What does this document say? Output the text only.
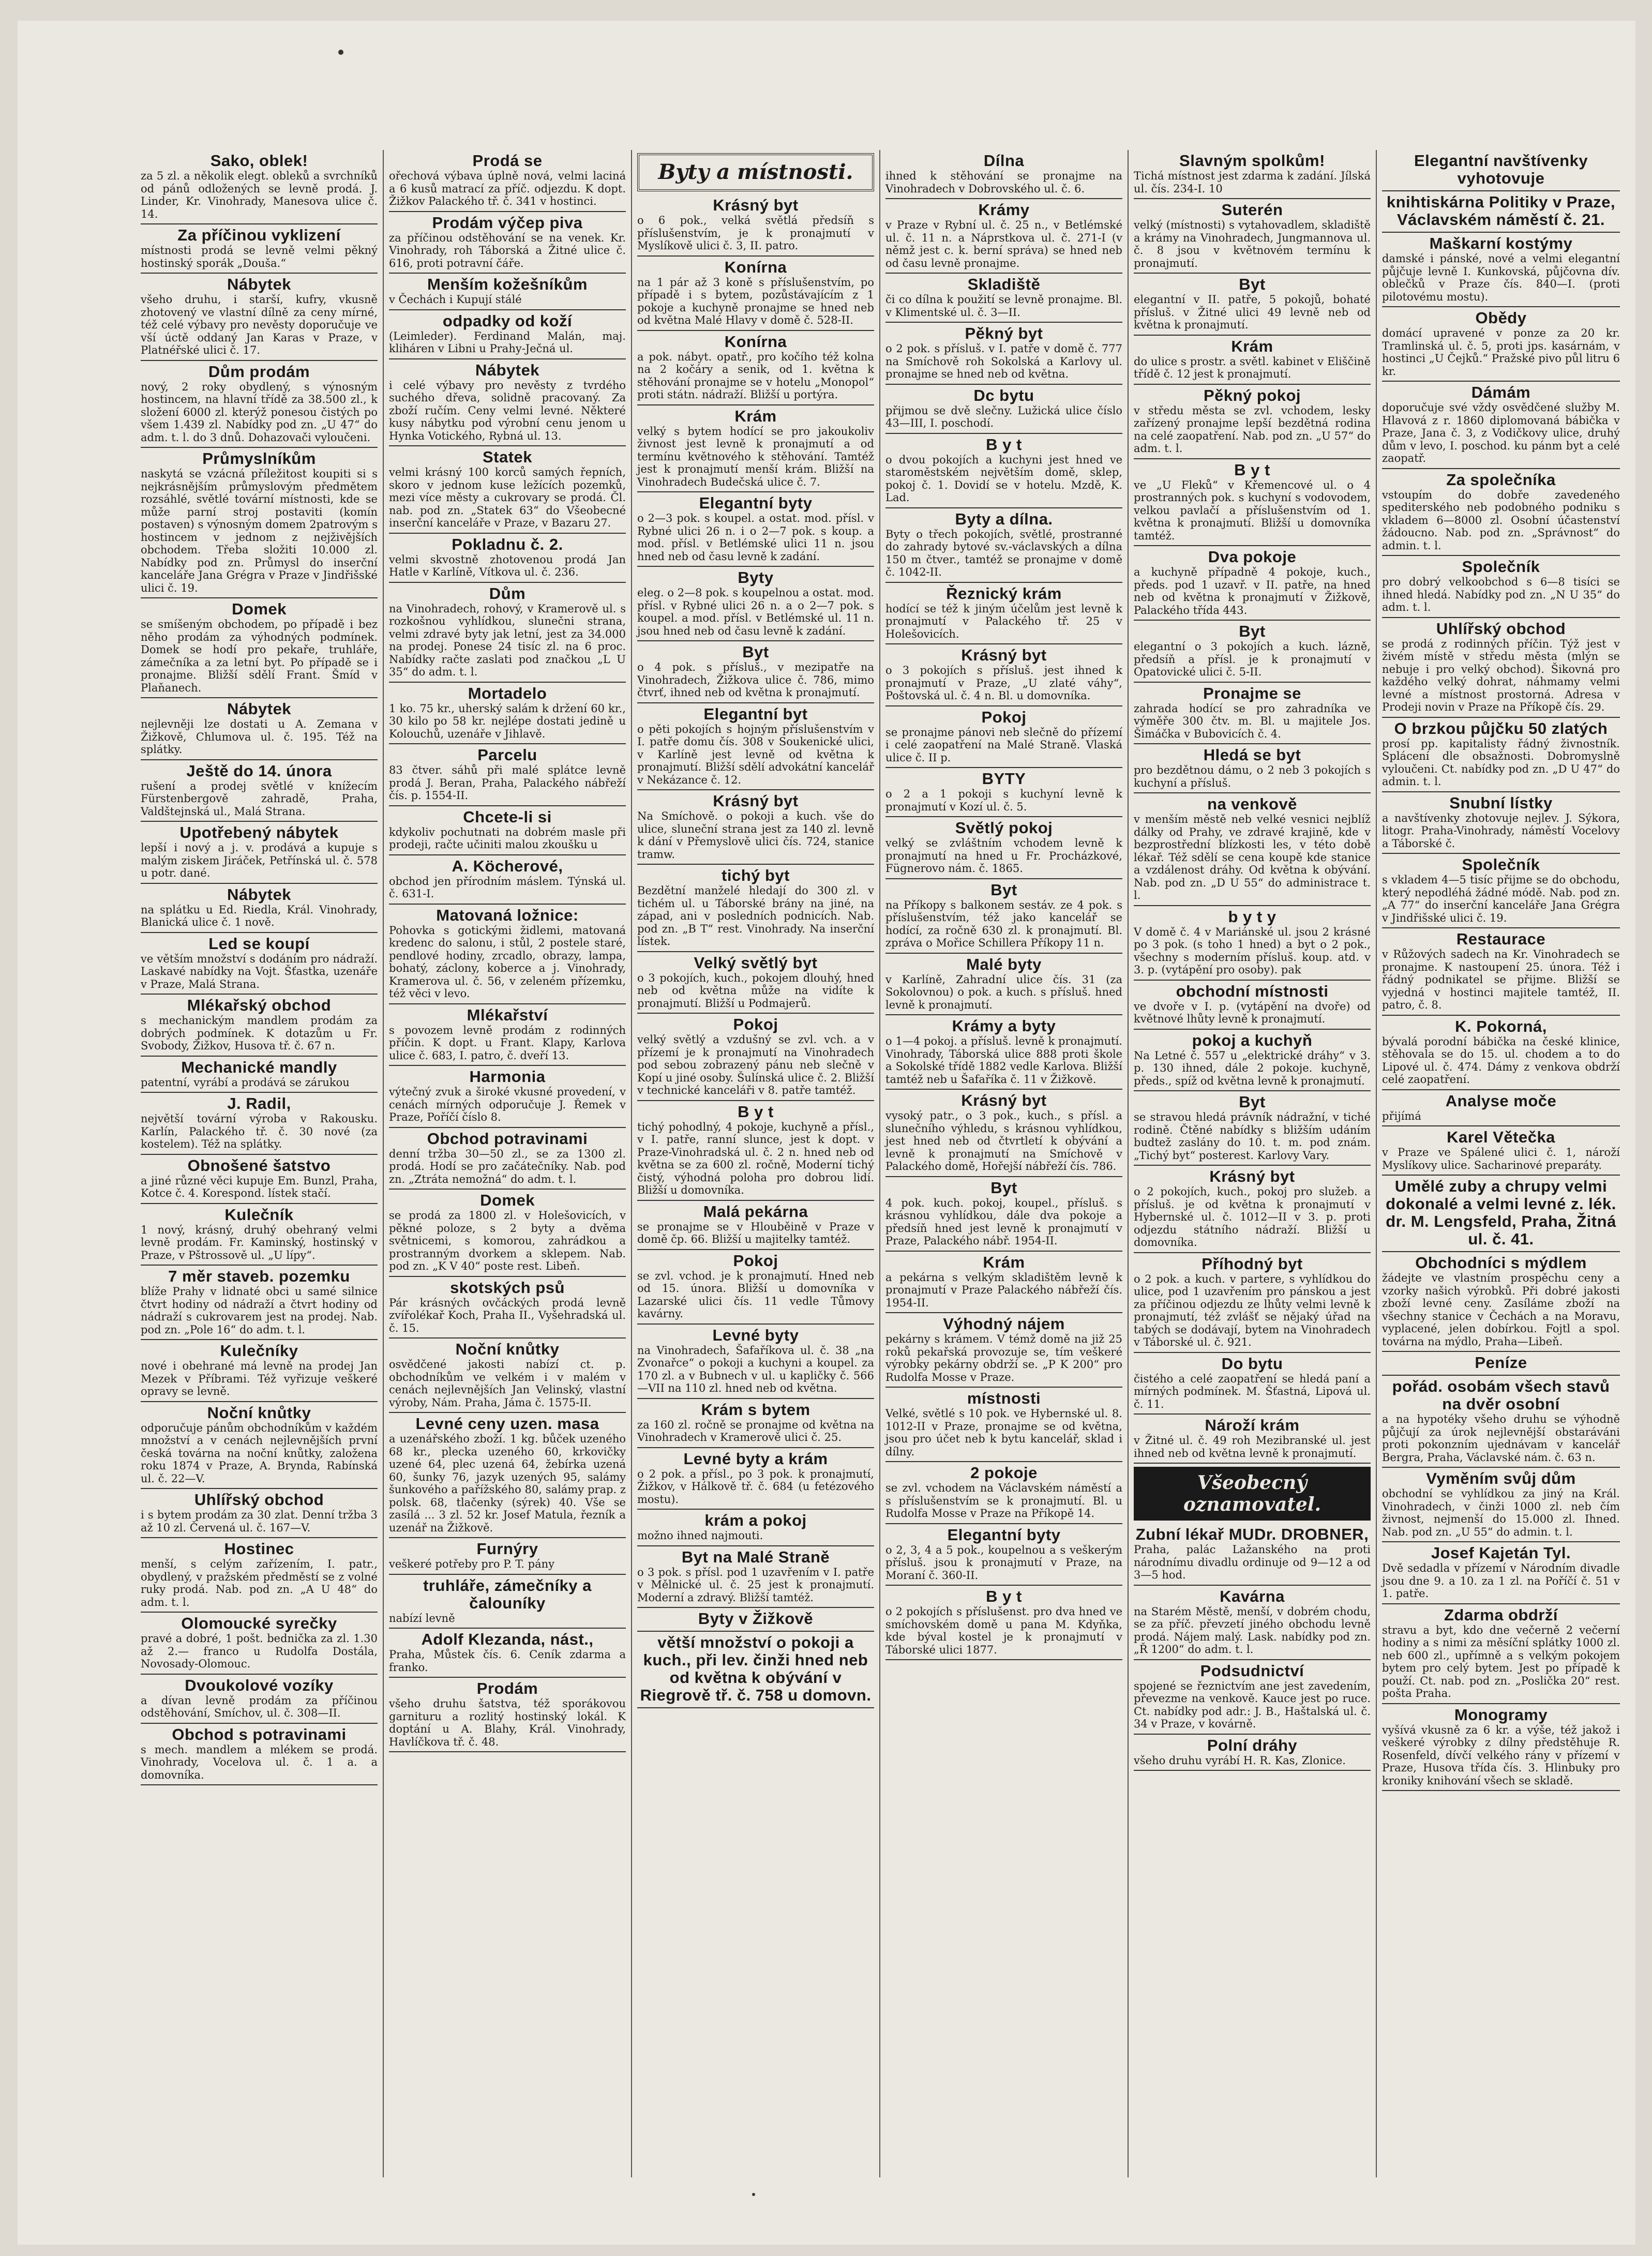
Sako, oblek!

za 5 zl. a několik elegt. obleků a svrchníků od pánů odložených se levně prodá. J. Linder, Kr. Vinohrady, Manesova ulice č. 14.

Za příčinou vyklizení

místnosti prodá se levně velmi pěkný hostinský sporák „Douša.“

Nábytek

všeho druhu, i starší, kufry, vkusně zhotovený ve vlastní dílně za ceny mírné, též celé výbavy pro nevěsty doporučuje ve vší úctě oddaný Jan Karas v Praze, v Platnéřské ulici č. 17.

Dům prodám

nový, 2 roky obydlený, s výnosným hostincem, na hlavní třídě za 38.500 zl., k složení 6000 zl. kterýž ponesou čistých po všem 1.439 zl. Nabídky pod zn. „U 47“ do adm. t. l. do 3 dnů. Dohazovači vyloučeni.

Průmyslníkům

naskytá se vzácná příležitost koupiti si s nejkrásnějším průmyslovým předmětem rozsáhlé, světlé tovární místnosti, kde se může parní stroj postaviti (komín postaven) s výnosným domem 2patrovým s hostincem v jednom z nejživějších obchodem. Třeba složiti 10.000 zl. Nabídky pod zn. Průmysl do inserční kanceláře Jana Grégra v Praze v Jindřišské ulici č. 19.

Domek

se smíšeným obchodem, po případě i bez něho prodám za výhodných podmínek. Domek se hodí pro pekaře, truhláře, zámečníka a za letní byt. Po případě se i pronajme. Bližší sdělí Frant. Šmíd v Plaňanech.

Nábytek

nejlevněji lze dostati u A. Zemana v Žižkově, Chlumova ul. č. 195. Též na splátky.

Ještě do 14. února

rušení a prodej světlé v knížecím Fürstenbergově zahradě, Praha, Valdštejnská ul., Malá Strana.

Upotřebený nábytek

lepší i nový a j. v. prodává a kupuje s malým ziskem Jiráček, Petřínská ul. č. 578 u potr. dané.

Nábytek

na splátku u Ed. Riedla, Král. Vinohrady, Blanická ulice č. 1 nově.

Led se koupí

ve větším množství s dodáním pro nádraží. Laskavé nabídky na Vojt. Šťastka, uzenáře v Praze, Malá Strana.

Mlékařský obchod

s mechanickým mandlem prodám za dobrých podmínek. K dotazům u Fr. Svobody, Žižkov, Husova tř. č. 67 n.

Mechanické mandly

patentní, vyrábí a prodává se zárukou

J. Radil,

největší tovární výroba v Rakousku. Karlín, Palackého tř. č. 30 nové (za kostelem). Též na splátky.

Obnošené šatstvo

a jiné různé věci kupuje Em. Bunzl, Praha, Kotce č. 4. Korespond. lístek stačí.

Kulečník

1 nový, krásný, druhý obehraný velmi levně prodám. Fr. Kaminský, hostinský v Praze, v Pštrossově ul. „U lípy“.

7 měr staveb. pozemku

blíže Prahy v lidnaté obci u samé silnice čtvrt hodiny od nádraží a čtvrt hodiny od nádraží s cukrovarem jest na prodej. Nab. pod zn. „Pole 16“ do adm. t. l.

Kulečníky

nové i obehrané má levně na prodej Jan Mezek v Příbrami. Též vyřizuje veškeré opravy se levně.

Noční knůtky

odporučuje pánům obchodníkům v každém množství a v cenách nejlevnějších první česká továrna na noční knůtky, založena roku 1874 v Praze, A. Brynda, Rabínská ul. č. 22—V.

Uhlířský obchod

i s bytem prodám za 30 zlat. Denní tržba 3 až 10 zl. Červená ul. č. 167—V.

Hostinec

menší, s celým zařízením, I. patr., obydlený, v pražském předměstí se z volné ruky prodá. Nab. pod zn. „A U 48“ do adm. t. l.

Olomoucké syrečky

pravé a dobré, 1 pošt. bednička za zl. 1.30 až 2.— franco u Rudolfa Dostála, Novosady-Olomouc.

Dvoukolové vozíky

a dívan levně prodám za příčinou odstěhování, Smíchov, ul. č. 308—II.

Obchod s potravinami

s mech. mandlem a mlékem se prodá. Vinohrady, Vocelova ul. č. 1 a. a domovníka.

Prodá se

ořechová výbava úplně nová, velmi laciná a 6 kusů matrací za příč. odjezdu. K dopt. Žižkov Palackého tř. č. 341 v hostinci.

Prodám výčep piva

za příčinou odstěhování se na venek. Kr. Vinohrady, roh Táborská a Žitné ulice č. 616, proti potravní čáře.

Menším kožešníkům

v Čechách i Kupují stálé

odpadky od koží

(Leimleder). Ferdinand Malán, maj. kliháren v Libni u Prahy-Ječná ul.

Nábytek

i celé výbavy pro nevěsty z tvrdého suchého dřeva, solidně pracovaný. Za zboží ručím. Ceny velmi levné. Některé kusy nábytku pod výrobní cenu jenom u Hynka Votického, Rybná ul. 13.

Statek

velmi krásný 100 korců samých řepních, skoro v jednom kuse ležících pozemků, mezi více městy a cukrovary se prodá. Čl. nab. pod zn. „Statek 63“ do Všeobecné inserční kanceláře v Praze, v Bazaru 27.

Pokladnu č. 2.

velmi skvostně zhotovenou prodá Jan Hatle v Karlíně, Vítkova ul. č. 236.

Dům

na Vinohradech, rohový, v Kramerově ul. s rozkošnou vyhlídkou, slunečni strana, velmi zdravé byty jak letní, jest za 34.000 na prodej. Ponese 24 tisíc zl. na 6 proc. Nabídky račte zaslati pod značkou „L U 35“ do adm. t. l.

Mortadelo

1 ko. 75 kr., uherský salám k držení 60 kr., 30 kilo po 58 kr. nejlépe dostati jedině u Kolouchů, uzenáře v Jihlavě.

Parcelu

83 čtver. sáhů při malé splátce levně prodá J. Beran, Praha, Palackého nábřeží čís. p. 1554-II.

Chcete-li si

kdykoliv pochutnati na dobrém masle při prodeji, račte učiniti malou zkoušku u

A. Köcherové,

obchod jen přírodním máslem. Týnská ul. č. 631-I.

Matovaná ložnice:

Pohovka s gotickými židlemi, matovaná kredenc do salonu, i stůl, 2 postele staré, pendlové hodiny, zrcadlo, obrazy, lampa, bohatý, záclony, koberce a j. Vinohrady, Kramerova ul. č. 56, v zeleném přízemku, též věci v levo.

Mlékařství

s povozem levně prodám z rodinných příčin. K dopt. u Frant. Klapy, Karlova ulice č. 683, I. patro, č. dveří 13.

Harmonia

výtečný zvuk a široké vkusné provedení, v cenách mírných odporučuje J. Řemek v Praze, Poříčí číslo 8.

Obchod potravinami

denní tržba 30—50 zl., se za 1300 zl. prodá. Hodí se pro začátečníky. Nab. pod zn. „Ztráta nemožná“ do adm. t. l.

Domek

se prodá za 1800 zl. v Holešovicích, v pěkné poloze, s 2 byty a dvěma světnicemi, s komorou, zahrádkou a prostranným dvorkem a sklepem. Nab. pod zn. „K V 40“ poste rest. Libeň.

skotských psů

Pár krásných ovčáckých prodá levně zvířolékař Koch, Praha II., Vyšehradská ul. č. 15.

Noční knůtky

osvědčené jakosti nabízí ct. p. obchodníkům ve velkém i v malém v cenách nejlevnějších Jan Velinský, vlastní výroby, Nám. Praha, Jáma č. 1575-II.

Levné ceny uzen. masa

a uzenářského zboží. 1 kg. bůček uzeného 68 kr., plecka uzeného 60, krkovičky uzené 64, plec uzená 64, žebírka uzená 60, šunky 76, jazyk uzených 95, salámy šunkového a pařížského 80, salámy prap. z polsk. 68, tlačenky (sýrek) 40. Vše se zasílá ... 3 zl. 52 kr. Josef Matula, řezník a uzenář na Žižkově.

Furnýry

veškeré potřeby pro P. T. pány

truhláře, zámečníky a čalouníky

nabízí levně

Adolf Klezanda, nást.,

Praha, Můstek čís. 6. Ceník zdarma a franko.

Prodám

všeho druhu šatstva, též sporákovou garnituru a rozlitý hostinský lokál. K doptání u A. Blahy, Král. Vinohrady, Havlíčkova tř. č. 48.

Byty a místnosti.
Krásný byt

o 6 pok., velká světlá předsíň s příslušenstvím, je k pronajmutí v Myslíkově ulici č. 3, II. patro.

Konírna

na 1 pár až 3 koně s příslušenstvím, po případě i s bytem, pozůstávajícím z 1 pokoje a kuchyně pronajme se hned neb od května Malé Hlavy v domě č. 528-II.

Konírna

a pok. nábyt. opatř., pro kočího též kolna na 2 kočáry a senik, od 1. května k stěhování pronajme se v hotelu „Monopol“ proti státn. nádraží. Bližší u portýra.

Krám

velký s bytem hodící se pro jakoukoliv živnost jest levně k pronajmutí a od termínu květnového k stěhování. Tamtéž jest k pronajmutí menší krám. Bližší na Vinohradech Budečská ulice č. 7.

Elegantní byty

o 2—3 pok. s koupel. a ostat. mod. přísl. v Rybné ulici 26 n. i o 2—7 pok. s koup. a mod. přísl. v Betlémské ulici 11 n. jsou hned neb od času levně k zadání.

Byty

eleg. o 2—8 pok. s koupelnou a ostat. mod. přísl. v Rybné ulici 26 n. a o 2—7 pok. s koupel. a mod. přísl. v Betlémské ul. 11 n. jsou hned neb od času levně k zadání.

Byt

o 4 pok. s přísluš., v mezipatře na Vinohradech, Žižkova ulice č. 786, mimo čtvrť, ihned neb od května k pronajmutí.

Elegantní byt

o pěti pokojích s hojným příslušenstvím v I. patře domu čís. 308 v Soukenické ulici, v Karlíně jest levně od května k pronajmutí. Bližší sdělí advokátní kancelář v Nekázance č. 12.

Krásný byt

Na Smíchově. o pokoji a kuch. vše do ulice, sluneční strana jest za 140 zl. levně k dání v Přemyslově ulici čís. 724, stanice tramw.

tichý byt

Bezdětní manželé hledají do 300 zl. v tichém ul. u Táborské brány na jiné, na západ, ani v posledních podnicích. Nab. pod zn. „B T“ rest. Vinohrady. Na inserční lístek.

Velký světlý byt

o 3 pokojích, kuch., pokojem dlouhý, hned neb od května může na vidíte k pronajmutí. Bližší u Podmajerů.

Pokoj

velký světlý a vzdušný se zvl. vch. a v přízemí je k pronajmutí na Vinohradech pod sebou zobrazený pánu neb slečně v Kopí u jiné osoby. Šulínská ulice č. 2. Bližší v technické kanceláři v 8. patře tamtéž.

B y t

tichý pohodlný, 4 pokoje, kuchyně a přísl., v I. patře, ranní slunce, jest k dopt. v Praze-Vinohradská ul. č. 2 n. hned neb od května se za 600 zl. ročně, Moderní tichý čistý, výhodná poloha pro dobrou lidí. Bližší u domovníka.

Malá pekárna

se pronajme se v Hlouběině v Praze v domě čp. 66. Bližší u majitelky tamtéž.

Pokoj

se zvl. vchod. je k pronajmutí. Hned neb od 15. února. Bližší u domovníka v Lazarské ulici čís. 11 vedle Tůmovy kavárny.

Levné byty

na Vinohradech, Šafaříkova ul. č. 38 „na Zvonařce“ o pokoji a kuchyni a koupel. za 170 zl. a v Bubnech v ul. u kapličky č. 566—VII na 110 zl. hned neb od května.

Krám s bytem

za 160 zl. ročně se pronajme od května na Vinohradech v Kramerově ulici č. 25.

Levné byty a krám

o 2 pok. a přísl., po 3 pok. k pronajmutí, Žižkov, v Hálkově tř. č. 684 (u fetézového mostu).

krám a pokoj

možno ihned najmouti.

Byt na Malé Straně

o 3 pok. s přísl. pod 1 uzavřením v I. patře v Mělnické ul. č. 25 jest k pronajmutí. Moderní a zdravý. Bližší tamtéž.

Byty v Žižkově
větší množství o pokoji a kuch., při lev. činži hned neb od května k obývání v Riegrově tř. č. 758 u domovn.
Dílna

ihned k stěhování se pronajme na Vinohradech v Dobrovského ul. č. 6.

Krámy

v Praze v Rybní ul. č. 25 n., v Betlémské ul. č. 11 n. a Náprstkova ul. č. 271-I (v němž jest c. k. berní správa) se hned neb od času levně pronajme.

Skladiště

či co dílna k použití se levně pronajme. Bl. v Klimentské ul. č. 3—II.

Pěkný byt

o 2 pok. s přísluš. v I. patře v domě č. 777 na Smíchově roh Sokolská a Karlovy ul. pronajme se hned neb od května.

Dc bytu

přijmou se dvě slečny. Lužická ulice číslo 43—III, I. poschodí.

B y t

o dvou pokojích a kuchyni jest hned ve staroměstském největším domě, sklep, pokoj č. 1. Dovidí se v hotelu. Mzdě, K. Lad.

Byty a dílna.

Byty o třech pokojích, světlé, prostranné do zahrady bytové sv.-václavských a dílna 150 m čtver., tamtéž se pronajme v domě č. 1042-II.

Řeznický krám

hodící se též k jiným účelům jest levně k pronajmutí v Palackého tř. 25 v Holešovicích.

Krásný byt

o 3 pokojích s přísluš. jest ihned k pronajmutí v Praze, „U zlaté váhy“, Poštovská ul. č. 4 n. Bl. u domovníka.

Pokoj

se pronajme pánovi neb slečně do přízemí i celé zaopatření na Malé Straně. Vlaská ulice č. II p.

BYTY

o 2 a 1 pokoji s kuchyní levně k pronajmutí v Kozí ul. č. 5.

Světlý pokoj

velký se zvláštním vchodem levně k pronajmutí na hned u Fr. Procházkové, Fügnerovo nám. č. 1865.

Byt

na Příkopy s balkonem sestáv. ze 4 pok. s příslušenstvím, též jako kancelář se hodící, za ročně 630 zl. k pronajmutí. Bl. zpráva o Mořice Schillera Příkopy 11 n.

Malé byty

v Karlíně, Zahradní ulice čís. 31 (za Sokolovnou) o pok. a kuch. s přísluš. hned levně k pronajmutí.

Krámy a byty

o 1—4 pokoj. a přísluš. levně k pronajmutí. Vinohrady, Táborská ulice 888 proti škole a Sokolské třídě 1882 vedle Karlova. Bližší tamtéž neb u Šafaříka č. 11 v Žižkově.

Krásný byt

vysoký patr., o 3 pok., kuch., s přísl. a slunečního výhledu, s krásnou vyhlídkou, jest hned neb od čtvrtletí k obývání a levně k pronajmutí na Smíchově v Palackého domě, Hořejší nábřeží čís. 786.

Byt

4 pok. kuch. pokoj, koupel., přísluš. s krásnou vyhlídkou, dále dva pokoje a předsíň hned jest levně k pronajmutí v Praze, Palackého nábř. 1954-II.

Krám

a pekárna s velkým skladištěm levně k pronajmutí v Praze Palackého nábřeží čís. 1954-II.

Výhodný nájem

pekárny s krámem. V témž domě na již 25 roků pekařská provozuje se, tím veškeré výrobky pekárny obdrží se. „P K 200“ pro Rudolfa Mosse v Praze.

místnosti

Velké, světlé s 10 pok. ve Hybernské ul. 8. 1012-II v Praze, pronajme se od května, jsou pro účet neb k bytu kancelář, sklad i dílny.

2 pokoje

se zvl. vchodem na Václavském náměstí a s příslušenstvím se k pronajmutí. Bl. u Rudolfa Mosse v Praze na Příkopě 14.

Elegantní byty

o 2, 3, 4 a 5 pok., koupelnou a s veškerým přísluš. jsou k pronajmutí v Praze, na Moraní č. 360-II.

B y t

o 2 pokojích s příslušenst. pro dva hned ve smíchovském domě u pana M. Kdyňka, kde býval kostel je k pronajmutí v Táborské ulici 1877.

Slavným spolkům!

Tichá místnost jest zdarma k zadání. Jílská ul. čís. 234-I. 10

Suterén

velký (místnosti) s vytahovadlem, skladiště a krámy na Vinohradech, Jungmannova ul. č. 8 jsou v květnovém termínu k pronajmutí.

Byt

elegantní v II. patře, 5 pokojů, bohaté přísluš. v Žitné ulici 49 levně neb od května k pronajmutí.

Krám

do ulice s prostr. a světl. kabinet v Eliščině třídě č. 12 jest k pronajmutí.

Pěkný pokoj

v středu města se zvl. vchodem, lesky zařízený pronajme lepší bezdětná rodina na celé zaopatření. Nab. pod zn. „U 57“ do adm. t. l.

B y t

ve „U Fleků“ v Křemencové ul. o 4 prostranných pok. s kuchyní s vodovodem, velkou pavlačí a příslušenstvím od 1. května k pronajmutí. Bližší u domovníka tamtéž.

Dva pokoje

a kuchyně případně 4 pokoje, kuch., předs. pod 1 uzavř. v II. patře, na hned neb od května k pronajmutí v Žižkově, Palackého třída 443.

Byt

elegantní o 3 pokojích a kuch. lázně, předsíň a přísl. je k pronajmutí v Opatovické ulici č. 5-II.

Pronajme se

zahrada hodící se pro zahradníka ve výměře 300 čtv. m. Bl. u majitele Jos. Šimáčka v Bubovicích č. 4.

Hledá se byt

pro bezdětnou dámu, o 2 neb 3 pokojích s kuchyní a přísluš.

na venkově

v menším městě neb velké vesnici nejblíž dálky od Prahy, ve zdravé krajině, kde v bezprostřední blízkosti les, v této době lékař. Též sdělí se cena koupě kde stanice a vzdálenost dráhy. Od května k obývání. Nab. pod zn. „D U 55“ do administrace t. l.

b y t y

V domě č. 4 v Mariánské ul. jsou 2 krásné po 3 pok. (s toho 1 hned) a byt o 2 pok., všechny s moderním přísluš. koup. atd. v 3. p. (vytápění pro osoby). pak

obchodní místnosti

ve dvoře v I. p. (vytápění na dvoře) od květnové lhůty levně k pronajmutí.

pokoj a kuchyň

Na Letné č. 557 u „elektrické dráhy“ v 3. p. 130 ihned, dále 2 pokoje. kuchyně, předs., spíž od května levně k pronajmutí.

Byt

se stravou hledá právník nádražní, v tiché rodině. Čtěné nabídky s bližším udáním budtež zaslány do 10. t. m. pod znám. „Tichý byt“ posterest. Karlovy Vary.

Krásný byt

o 2 pokojích, kuch., pokoj pro služeb. a přísluš. je od května k pronajmutí v Hybernské ul. č. 1012—II v 3. p. proti odjezdu státního nádraží. Bližší u domovníka.

Příhodný byt

o 2 pok. a kuch. v partere, s vyhlídkou do ulice, pod 1 uzavřením pro pánskou a jest za příčinou odjezdu ze lhůty velmi levně k pronajmutí, též zvlášť se nějaký úřad na tabých se dodávají, bytem na Vinohradech v Táborské ul. č. 921.

Do bytu

čistého a celé zaopatření se hledá paní a mírných podmínek. M. Šťastná, Lipová ul. č. 11.

Nároží krám

v Žitné ul. č. 49 roh Mezibranské ul. jest ihned neb od května levně k pronajmutí.

Všeobecný oznamovatel.
Zubní lékař MUDr. DROBNER,

Praha, palác Lažanského na proti národnímu divadlu ordinuje od 9—12 a od 3—5 hod.

Kavárna

na Starém Městě, menší, v dobrém chodu, se za příč. převzetí jiného obchodu levně prodá. Nájem malý. Lask. nabídky pod zn. „Ř 1200“ do adm. t. l.

Podsudnictví

spojené se řeznictvím ane jest zavedením, převezme na venkově. Kauce jest po ruce. Ct. nabídky pod adr.: J. B., Haštalská ul. č. 34 v Praze, v kovárně.

Polní dráhy

všeho druhu vyrábí H. R. Kas, Zlonice.

Elegantní navštívenky vyhotovuje
knihtiskárna Politiky v Praze, Václavském náměstí č. 21.
Maškarní kostýmy

damské i pánské, nové a velmi elegantní půjčuje levně I. Kunkovská, půjčovna dív. oblečků v Praze čís. 840—I. (proti pilotovému mostu).

Obědy

domácí upravené v ponze za 20 kr. Tramlinská ul. č. 5, proti jps. kasárnám, v hostinci „U Čejků.“ Pražské pivo půl litru 6 kr.

Dámám

doporučuje své vždy osvědčené služby M. Hlavová z r. 1860 diplomovaná bábička v Praze, Jana č. 3, z Vodičkovy ulice, druhý dům v levo, I. poschod. ku pánm byt a celé zaopatř.

Za společníka

vstoupím do dobře zavedeného spediterského neb podobného podniku s vkladem 6—8000 zl. Osobní účastenství žádoucno. Nab. pod zn. „Správnost“ do admin. t. l.

Společník

pro dobrý velkoobchod s 6—8 tisíci se ihned hledá. Nabídky pod zn. „N U 35“ do adm. t. l.

Uhlířský obchod

se prodá z rodinných příčin. Týž jest v živém místě v středu města (mlýn se nebuje i pro velký obchod). Šikovná pro každého velký dohrat, náhmamy velmi levné a místnost prostorná. Adresa v Prodeji novin v Praze na Příkopě čís. 29.

O brzkou půjčku 50 zlatých

prosí pp. kapitalisty řádný živnostník. Splácení dle obsažnosti. Dobromyslně vyloučeni. Ct. nabídky pod zn. „D U 47“ do admin. t. l.

Snubní lístky

a navštívenky zhotovuje nejlev. J. Sýkora, litogr. Praha-Vinohrady, náměstí Vocelovy a Táborské č.

Společník

s vkladem 4—5 tisíc přijme se do obchodu, který nepodléhá žádné módě. Nab. pod zn. „A 77“ do inserční kanceláře Jana Grégra v Jindřišské ulici č. 19.

Restaurace

v Růžových sadech na Kr. Vinohradech se pronajme. K nastoupení 25. února. Též i řádný podnikatel se přijme. Bližší se vyjedná v hostinci majitele tamtéž, II. patro, č. 8.

K. Pokorná,

bývalá porodní bábička na české klinice, stěhovala se do 15. ul. chodem a to do Lipové ul. č. 474. Dámy z venkova obdrží celé zaopatření.

Analyse moče

přijímá

Karel Větečka

v Praze ve Spálené ulici č. 1, nároží Myslíkovy ulice. Sacharinové preparáty.

Umělé zuby a chrupy velmi dokonalé a velmi levné z. lék. dr. M. Lengsfeld, Praha, Žitná ul. č. 41.
Obchodníci s mýdlem

žádejte ve vlastním prospěchu ceny a vzorky našich výrobků. Při dobré jakosti zboží levné ceny. Zasíláme zboží na všechny stanice v Čechách a na Moravu, vyplacené, jelen dobírkou. Fojtl a spol. továrna na mýdlo, Praha—Libeň.

Peníze
pořád. osobám všech stavů na dvěr osobní

a na hypotéky všeho druhu se výhodně půjčují za úrok nejlevnější obstaráváni proti pokonzním ujednávam v kancelář Bergra, Praha, Václavské nám. č. 63 n.

Vyměním svůj dům

obchodní se vyhlídkou za jiný na Král. Vinohradech, v činži 1000 zl. neb čím živnost, nejmenší do 15.000 zl. Ihned. Nab. pod zn. „U 55“ do admin. t. l.

Josef Kajetán Tyl.

Dvě sedadla v přízemí v Národním divadle jsou dne 9. a 10. za 1 zl. na Poříčí č. 51 v 1. patře.

Zdarma obdrží

stravu a byt, kdo dne večerně 2 večerní hodiny a s nimi za měsíční splátky 1000 zl. neb 600 zl., upřímně a s velkým pokojem bytem pro celý bytem. Jest po případě k použí. Ct. nab. pod zn. „Poslička 20“ rest. pošta Praha.

Monogramy

vyšívá vkusně za 6 kr. a výše, též jakož i veškeré výrobky z dílny předstěhuje R. Rosenfeld, dívčí velkého rány v přízemí v Praze, Husova třída čís. 3. Hlinbuky pro kroniky knihování všech se skladě.
